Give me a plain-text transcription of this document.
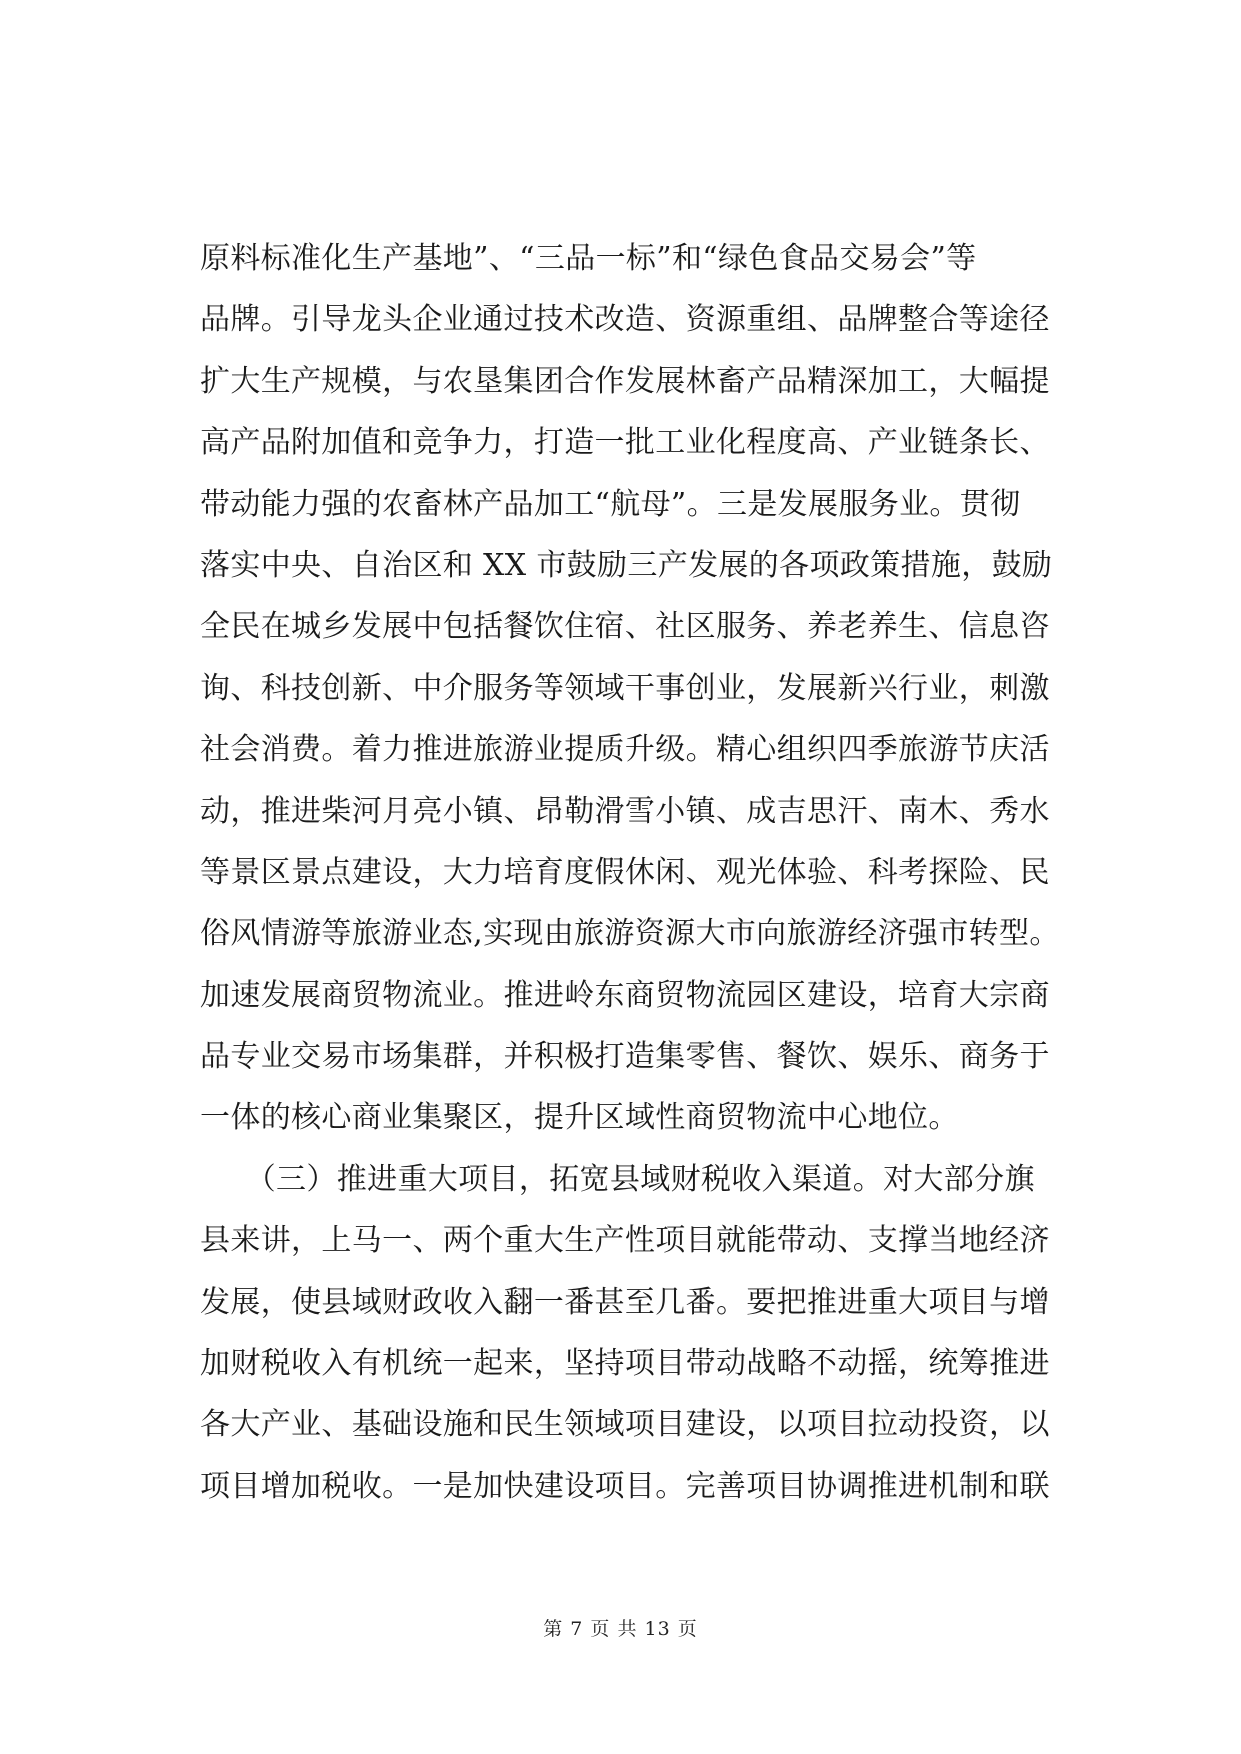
原料标准化生产基地”、“三品一标”和“绿色食品交易会”等
品牌。引导龙头企业通过技术改造、资源重组、品牌整合等途径
扩大生产规模，与农垦集团合作发展林畜产品精深加工，大幅提
高产品附加值和竞争力，打造一批工业化程度高、产业链条长、
带动能力强的农畜林产品加工“航母”。三是发展服务业。贯彻
落实中央、自治区和 XX 市鼓励三产发展的各项政策措施，鼓励
全民在城乡发展中包括餐饮住宿、社区服务、养老养生、信息咨
询、科技创新、中介服务等领域干事创业，发展新兴行业，刺激
社会消费。着力推进旅游业提质升级。精心组织四季旅游节庆活
动，推进柴河月亮小镇、昂勒滑雪小镇、成吉思汗、南木、秀水
等景区景点建设，大力培育度假休闲、观光体验、科考探险、民
俗风情游等旅游业态,实现由旅游资源大市向旅游经济强市转型。
加速发展商贸物流业。推进岭东商贸物流园区建设，培育大宗商
品专业交易市场集群，并积极打造集零售、餐饮、娱乐、商务于
一体的核心商业集聚区，提升区域性商贸物流中心地位。
　　（三）推进重大项目，拓宽县域财税收入渠道。对大部分旗
县来讲，上马一、两个重大生产性项目就能带动、支撑当地经济
发展，使县域财政收入翻一番甚至几番。要把推进重大项目与增
加财税收入有机统一起来，坚持项目带动战略不动摇，统筹推进
各大产业、基础设施和民生领域项目建设，以项目拉动投资，以
项目增加税收。一是加快建设项目。完善项目协调推进机制和联
第 7 页 共 13 页
